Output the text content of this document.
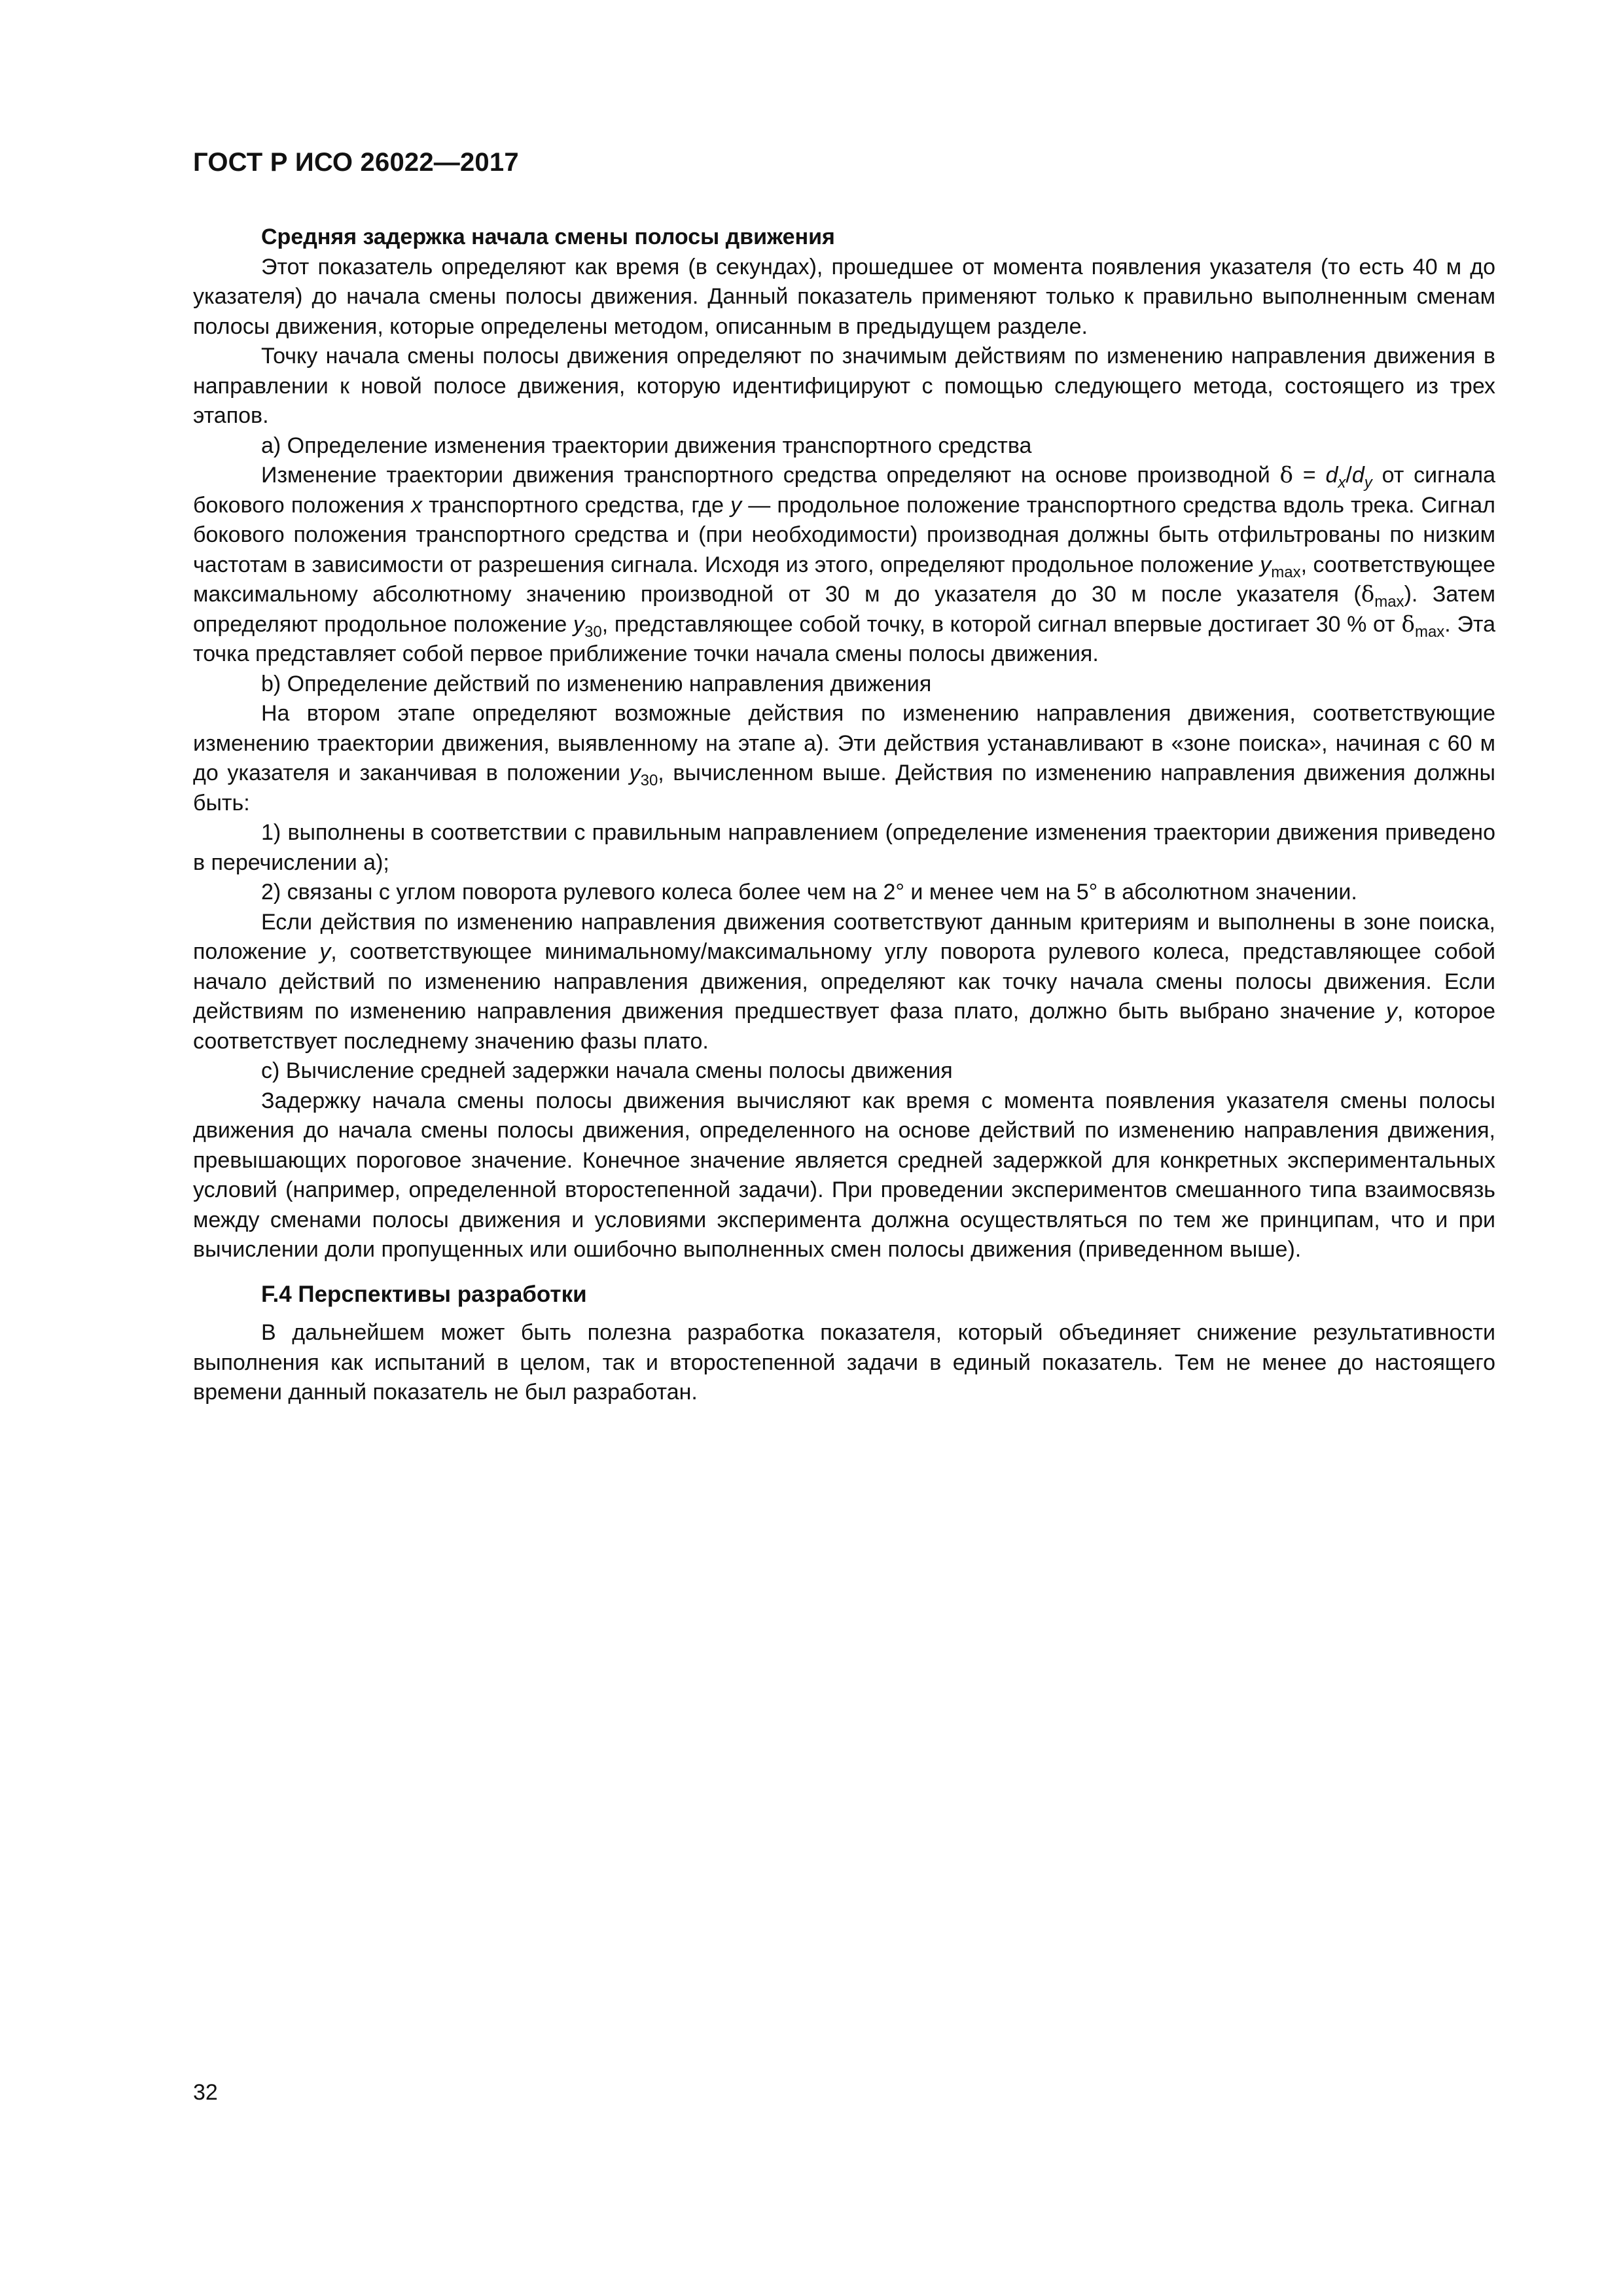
ГОСТ Р ИСО 26022—2017

Средняя задержка начала смены полосы движения

Этот показатель определяют как время (в секундах), прошедшее от момента появления указателя (то есть 40 м до указателя) до начала смены полосы движения. Данный показатель применяют только к правильно выполненным сменам полосы движения, которые определены методом, описанным в предыдущем разделе.

Точку начала смены полосы движения определяют по значимым действиям по изменению направления движения в направлении к новой полосе движения, которую идентифицируют с помощью следующего метода, состоящего из трех этапов.

a) Определение изменения траектории движения транспортного средства

Изменение траектории движения транспортного средства определяют на основе производной $\delta = d_x/d_y$ от сигнала бокового положения x транспортного средства, где y — продольное положение транспортного средства вдоль трека. Сигнал бокового положения транспортного средства и (при необходимости) производная должны быть отфильтрованы по низким частотам в зависимости от разрешения сигнала. Исходя из этого, определяют продольное положение $y_{max}$, соответствующее максимальному абсолютному значению производной от 30 м до указателя до 30 м после указателя $(\delta_{max})$. Затем определяют продольное положение $y_{30}$, представляющее собой точку, в которой сигнал впервые достигает 30 % от $\delta_{max}$. Эта точка представляет собой первое приближение точки начала смены полосы движения.

b) Определение действий по изменению направления движения

На втором этапе определяют возможные действия по изменению направления движения, соответствующие изменению траектории движения, выявленному на этапе a). Эти действия устанавливают в «зоне поиска», начиная с 60 м до указателя и заканчивая в положении $y_{30}$, вычисленном выше. Действия по изменению направления движения должны быть:

1) выполнены в соответствии с правильным направлением (определение изменения траектории движения приведено в перечислении a);

2) связаны с углом поворота рулевого колеса более чем на 2° и менее чем на 5° в абсолютном значении.

Если действия по изменению направления движения соответствуют данным критериям и выполнены в зоне поиска, положение y, соответствующее минимальному/максимальному углу поворота рулевого колеса, представляющее собой начало действий по изменению направления движения, определяют как точку начала смены полосы движения. Если действиям по изменению направления движения предшествует фаза плато, должно быть выбрано значение y, которое соответствует последнему значению фазы плато.

c) Вычисление средней задержки начала смены полосы движения

Задержку начала смены полосы движения вычисляют как время с момента появления указателя смены полосы движения до начала смены полосы движения, определенного на основе действий по изменению направления движения, превышающих пороговое значение. Конечное значение является средней задержкой для конкретных экспериментальных условий (например, определенной второстепенной задачи). При проведении экспериментов смешанного типа взаимосвязь между сменами полосы движения и условиями эксперимента должна осуществляться по тем же принципам, что и при вычислении доли пропущенных или ошибочно выполненных смен полосы движения (приведенном выше).

F.4 Перспективы разработки

В дальнейшем может быть полезна разработка показателя, который объединяет снижение результативности выполнения как испытаний в целом, так и второстепенной задачи в единый показатель. Тем не менее до настоящего времени данный показатель не был разработан.

32
